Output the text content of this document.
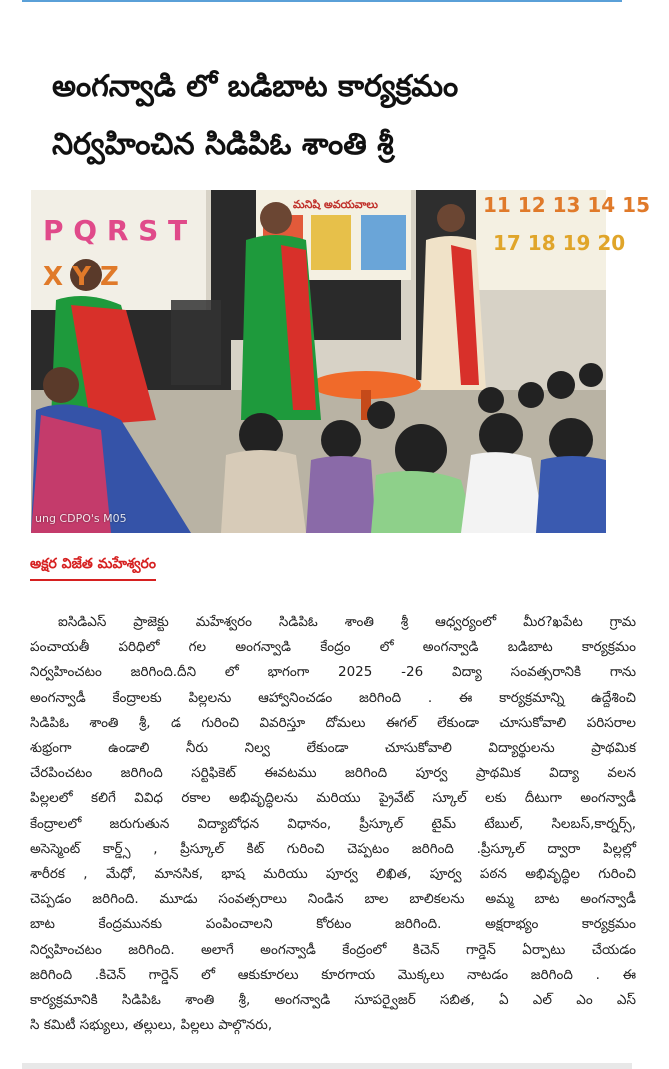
అంగన్వాడి లో బడిబాట కార్యక్రమం
నిర్వహించిన సిడిపిఓ శాంతి శ్రీ
P Q R S T
X Y Z
11 12 13 14 15
17 18 19 20
మనిషి అవయవాలు
ung CDPO's M05
అక్షర విజేత మహేశ్వరం
ఐసిడిఎస్ ప్రాజెక్టు మహేశ్వరం సిడిపిఓ శాంతి శ్రీ ఆధ్వర్యంలో మీర?ఖపేట గ్రామ
పంచాయతీ పరిధిలో గల అంగన్వాడి కేంద్రం లో అంగన్వాడి బడిబాట కార్యక్రమం
నిర్వహించటం జరిగింది.దీని లో భాగంగా 2025 -26 విద్యా సంవత్సరానికి గాను
అంగన్వాడీ కేంద్రాలకు పిల్లలను ఆహ్వానించడం జరిగింది . ఈ కార్యక్రమాన్ని ఉద్దేశించి
సిడిపిఓ శాంతి శ్రీ, డ గురించి వివరిస్తూ దోమలు ఈగల్ లేకుండా చూసుకోవాలి పరిసరాల
శుభ్రంగా ఉండాలి నీరు నిల్వ లేకుండా చూసుకోవాలి విద్యార్థులను ప్రాథమిక
చేరపించటం జరిగింది సర్టిఫికెట్ ఈవటము జరిగింది పూర్వ ప్రాథమిక విద్యా వలన
పిల్లలలో కలిగే వివిధ రకాల అభివృద్ధిలను మరియు ప్రైవేట్ స్కూల్ లకు దీటుగా అంగన్వాడీ
కేంద్రాలలో జరుగుతున విద్యాబోధన విధానం, ప్రీస్కూల్ టైమ్ టేబుల్, సిలబస్,కార్నర్స్,
అసెస్మెంట్ కార్డ్స్ , ప్రీస్కూల్ కిట్ గురించి చెప్పటం జరిగింది .ప్రీస్కూల్ ద్వారా పిల్లల్లో
శారీరక , మేధో, మానసిక, భాష మరియు పూర్వ లిఖిత, పూర్వ పఠన అభివృద్ధిల గురించి
చెప్పడం జరిగింది. మూడు సంవత్సరాలు నిండిన బాల బాలికలను అమ్మ బాట అంగన్వాడీ
బాట కేంద్రమునకు పంపించాలని కోరటం జరిగింది. అక్షరాభ్యం కార్యక్రమం
నిర్వహించటం జరిగింది. అలాగే అంగన్వాడీ కేంద్రంలో కిచెన్ గార్డెన్ ఏర్పాటు చేయడం
జరిగింది .కిచెన్ గార్డెన్ లో ఆకుకూరలు కూరగాయ మొక్కలు నాటడం జరిగింది . ఈ
కార్యక్రమానికి సిడిపిఓ శాంతి శ్రీ, అంగన్వాడి సూపర్వైజర్ సబిత, ఏ ఎల్ ఎం ఎస్
సి కమిటీ సభ్యులు, తల్లులు, పిల్లలు పాల్గొనరు,
